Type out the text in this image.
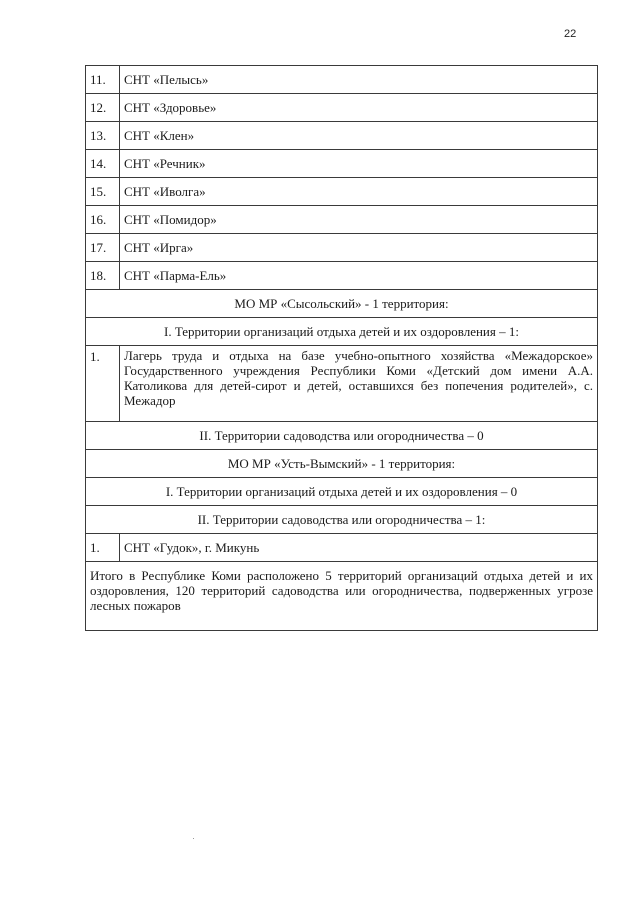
22
11.	СНТ «Пелысь»
12.	СНТ «Здоровье»
13.	СНТ «Клен»
14.	СНТ «Речник»
15.	СНТ «Иволга»
16.	СНТ «Помидор»
17.	СНТ «Ирга»
18.	СНТ «Парма-Ель»
МО МР «Сысольский» - 1 территория:	
I. Территории организаций отдыха детей и их оздоровления – 1:	
1.	Лагерь труда и отдыха на базе учебно-опытного хозяйства «Межадорское» Государственного учреждения Республики Коми «Детский дом имени А.А. Католикова для детей-сирот и детей, оставшихся без попечения родителей», с. Межадор
II. Территории садоводства или огородничества – 0	
МО МР «Усть-Вымский» - 1 территория:	
I. Территории организаций отдыха детей и их оздоровления – 0	
II. Территории садоводства или огородничества – 1:	
1.	СНТ «Гудок», г. Микунь
Итого в Республике Коми расположено 5 территорий организаций отдыха детей и их оздоровления, 120 территорий садоводства или огородничества, подверженных угрозе лесных пожаров	
